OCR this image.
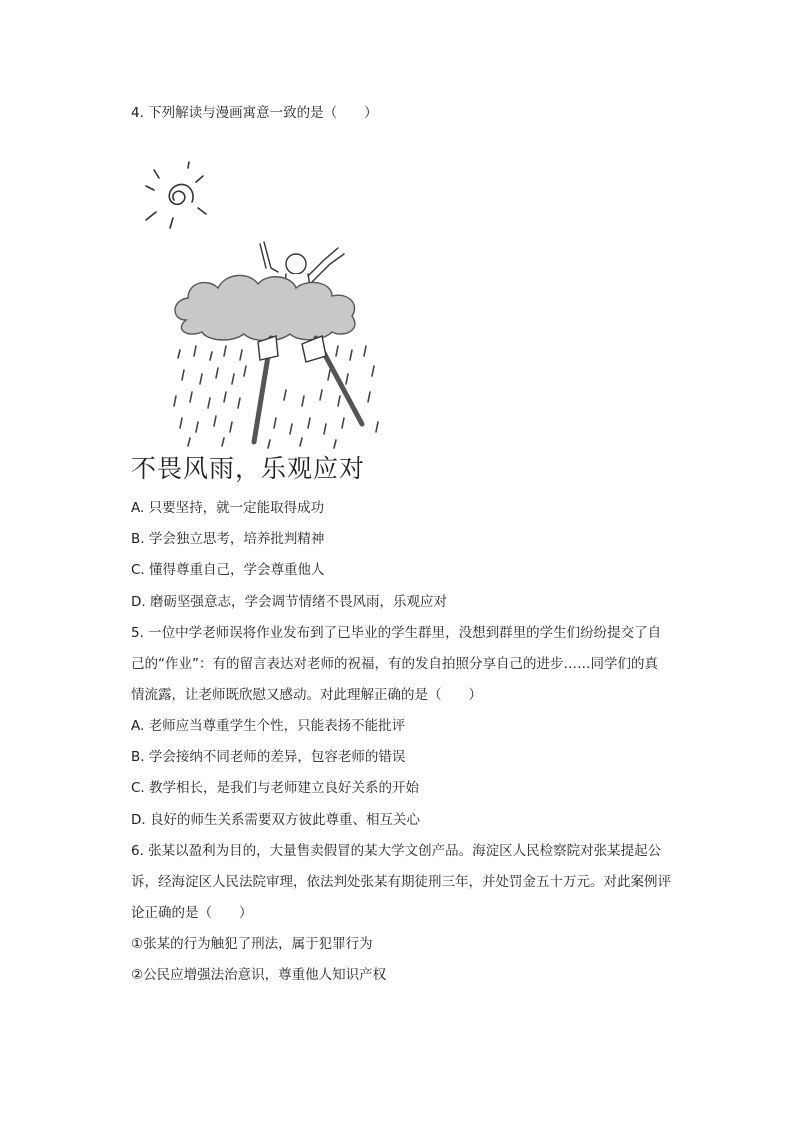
4. 下列解读与漫画寓意一致的是（　　）
不畏风雨，乐观应对
A. 只要坚持，就一定能取得成功
B. 学会独立思考，培养批判精神
C. 懂得尊重自己，学会尊重他人
D. 磨砺坚强意志，学会调节情绪不畏风雨，乐观应对
5. 一位中学老师误将作业发布到了已毕业的学生群里，没想到群里的学生们纷纷提交了自
己的“作业”：有的留言表达对老师的祝福，有的发自拍照分享自己的进步……同学们的真
情流露，让老师既欣慰又感动。对此理解正确的是（　　）
A. 老师应当尊重学生个性，只能表扬不能批评
B. 学会接纳不同老师的差异，包容老师的错误
C. 教学相长，是我们与老师建立良好关系的开始
D. 良好的师生关系需要双方彼此尊重、相互关心
6. 张某以盈利为目的，大量售卖假冒的某大学文创产品。海淀区人民检察院对张某提起公
诉，经海淀区人民法院审理，依法判处张某有期徒刑三年，并处罚金五十万元。对此案例评
论正确的是（　　）
①张某的行为触犯了刑法，属于犯罪行为
②公民应增强法治意识，尊重他人知识产权
